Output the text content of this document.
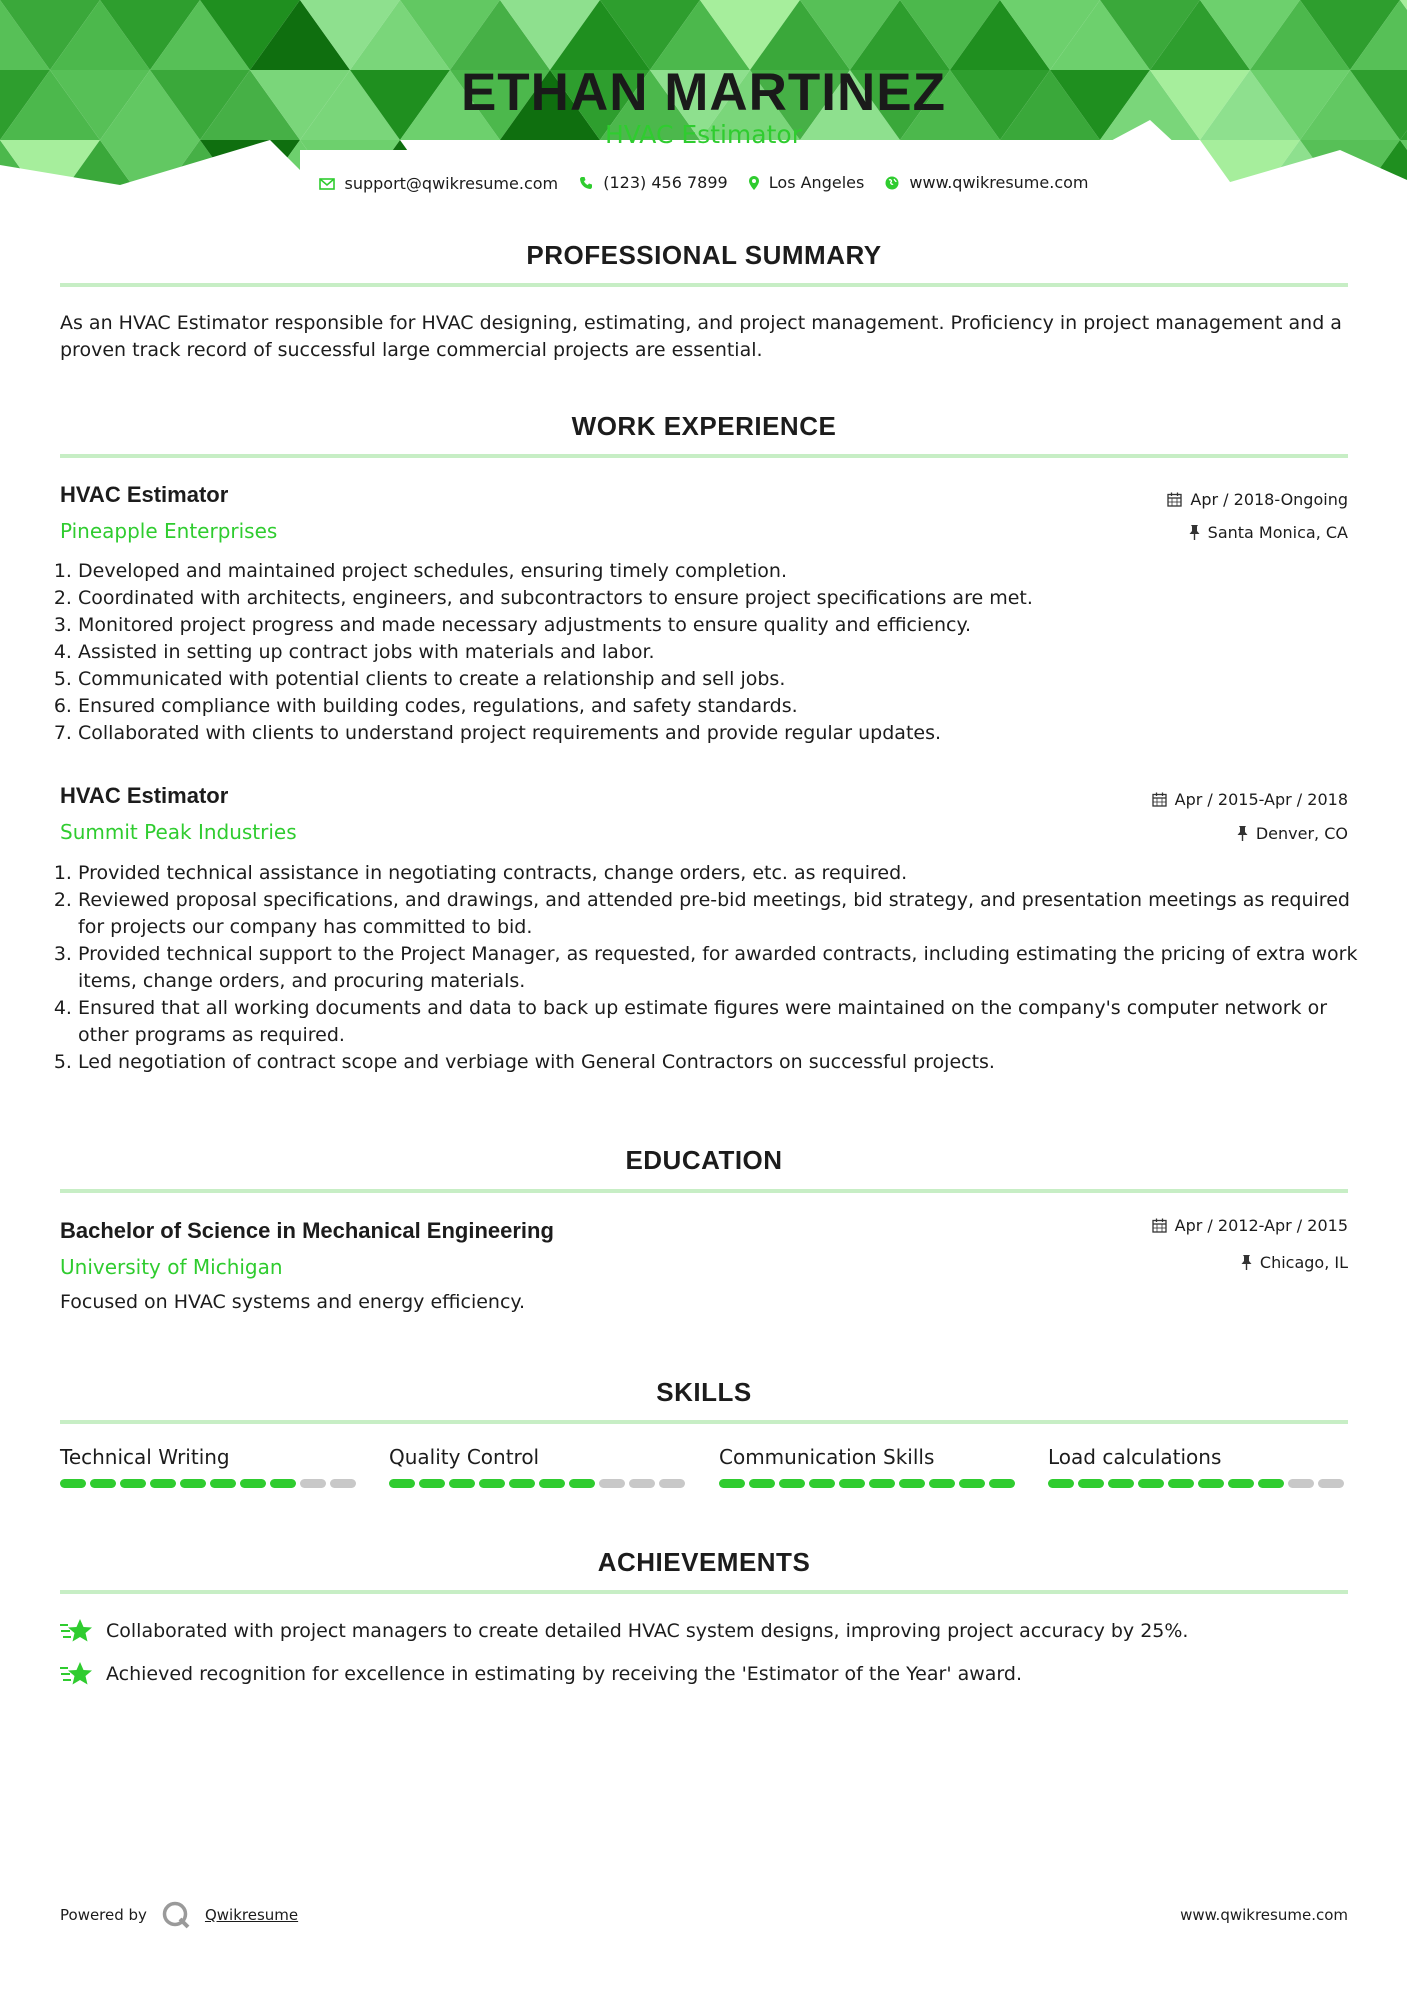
ETHAN MARTINEZ
HVAC Estimator
support@qwikresume.com
	(123) 456 7899
	Los Angeles
	www.qwikresume.com
PROFESSIONAL SUMMARY
As an HVAC Estimator responsible for HVAC designing, estimating, and project management. Proficiency in project management and a proven track record of successful large commercial projects are essential.
WORK EXPERIENCE
HVAC Estimator
Pineapple Enterprises
Apr / 2018-Ongoing
Santa Monica, CA
1. Developed and maintained project schedules, ensuring timely completion.
2. Coordinated with architects, engineers, and subcontractors to ensure project specifications are met.
3. Monitored project progress and made necessary adjustments to ensure quality and efficiency.
4. Assisted in setting up contract jobs with materials and labor.
5. Communicated with potential clients to create a relationship and sell jobs.
6. Ensured compliance with building codes, regulations, and safety standards.
7. Collaborated with clients to understand project requirements and provide regular updates.
HVAC Estimator
Summit Peak Industries
Apr / 2015-Apr / 2018
Denver, CO
1. Provided technical assistance in negotiating contracts, change orders, etc. as required.
2. Reviewed proposal specifications, and drawings, and attended pre-bid meetings, bid strategy, and presentation meetings as required for projects our company has committed to bid.
3. Provided technical support to the Project Manager, as requested, for awarded contracts, including estimating the pricing of extra work items, change orders, and procuring materials.
4. Ensured that all working documents and data to back up estimate figures were maintained on the company's computer network or other programs as required.
5. Led negotiation of contract scope and verbiage with General Contractors on successful projects.
EDUCATION
Bachelor of Science in Mechanical Engineering
University of Michigan
Apr / 2012-Apr / 2015
Chicago, IL
Focused on HVAC systems and energy efficiency.
SKILLS
Technical Writing	Quality Control	Communication Skills	Load calculations
ACHIEVEMENTS
Collaborated with project managers to create detailed HVAC system designs, improving project accuracy by 25%.
Achieved recognition for excellence in estimating by receiving the 'Estimator of the Year' award.
Powered by	Qwikresume	www.qwikresume.com
